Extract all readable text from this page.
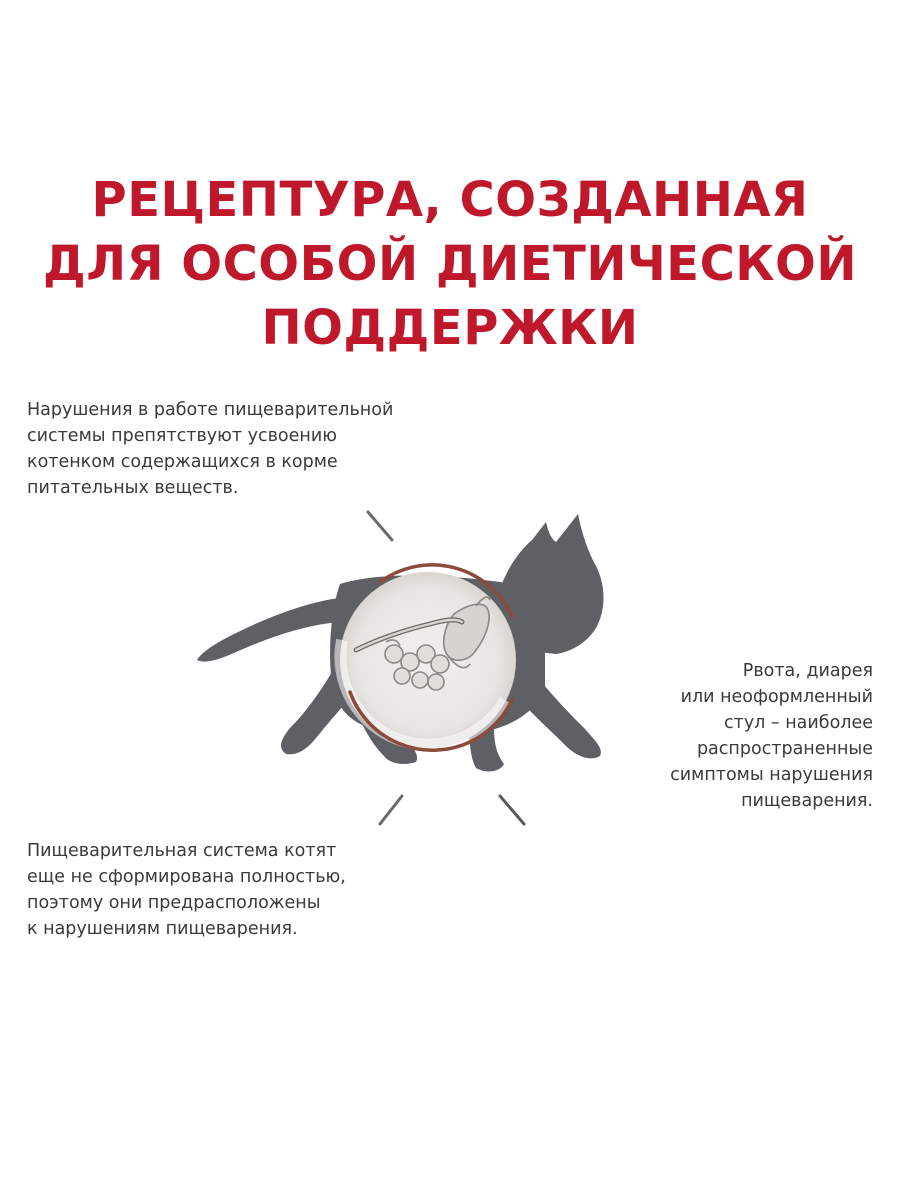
РЕЦЕПТУРА, СОЗДАННАЯ
ДЛЯ ОСОБОЙ ДИЕТИЧЕСКОЙ
ПОДДЕРЖКИ

Нарушения в работе пищеварительной
системы препятствуют усвоению
котенком содержащихся в корме
питательных веществ.

Рвота, диарея
или неоформленный
стул – наиболее
распространенные
симптомы нарушения
пищеварения.

Пищеварительная система котят
еще не сформирована полностью,
поэтому они предрасположены
к нарушениям пищеварения.
